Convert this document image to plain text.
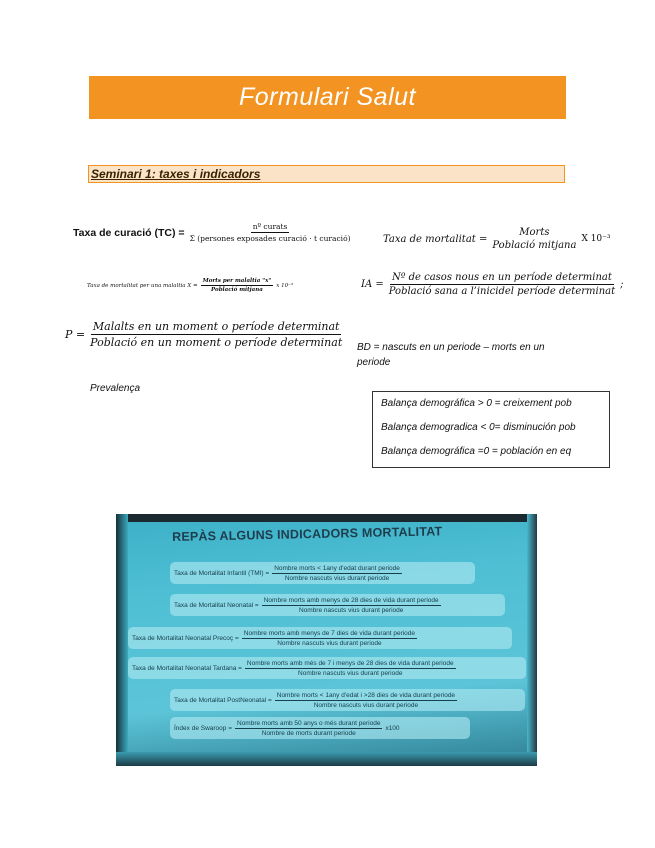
Formulari Salut
Seminari 1: taxes i indicadors
Taxa de curació $(TC) = \frac{\text{nº curats}}{\text{Σ (persones exposades curació · t curació)}}$	Taxa de mortalitat =
Morts
Població mitjana
X 10⁻³
Taxa de mortalitat per una malaltia $X = \frac{\text{Morts per malaltia "x"}}{\text{Població mitjana}}$ x 10⁻⁵	IA = $\frac{\text{Nº de casos nous en un període determinat}}{\text{Població sana a l’inicidel període determinat}}$ ;
$P = \frac{\text{Malalts en un moment o període determinat}}{\text{Població en un moment o període determinat}}$ BD = nascuts en un periode – morts en un periode
Prevalença
Balança demográfica > 0 = creixement pob
Balança demogradica < 0= disminución pob
Balança demográfica =0 = población en eq
REPÀS ALGUNS INDICADORS MORTALITAT
Taxa de Mortalitat Infantil $(TMI) = \frac{\text{Nombre morts < 1any d'edat durant periode}}{\text{Nombre nascuts vius durant periode}}$
Taxa de Mortalitat Neonatal = $\frac{\text{Nombre morts amb menys de 28 dies de vida durant periode}}{\text{Nombre nascuts vius durant periode}}$
Taxa de Mortalitat Neonatal Precoç = $\frac{\text{Nombre morts amb menys de 7 dies de vida durant periode}}{\text{Nombre nascuts vius durant periode}}$
Taxa de Mortalitat Neonatal Tardana =
Nombre morts amb més de 7 i menys de 28 dies de vida durant periode
Nombre nascuts vius durant periode
Taxa de Mortalitat PostNeonatal = $\frac{\text{Nombre morts < 1any d'edat i >28 dies de vida durant periode}}{\text{Nombre nascuts vius durant periode}}$
Índex de Swaroop = $\frac{\text{Nombre morts amb 50 anys o més durant periode}}{\text{Nombre de morts durant periode}} x100$
